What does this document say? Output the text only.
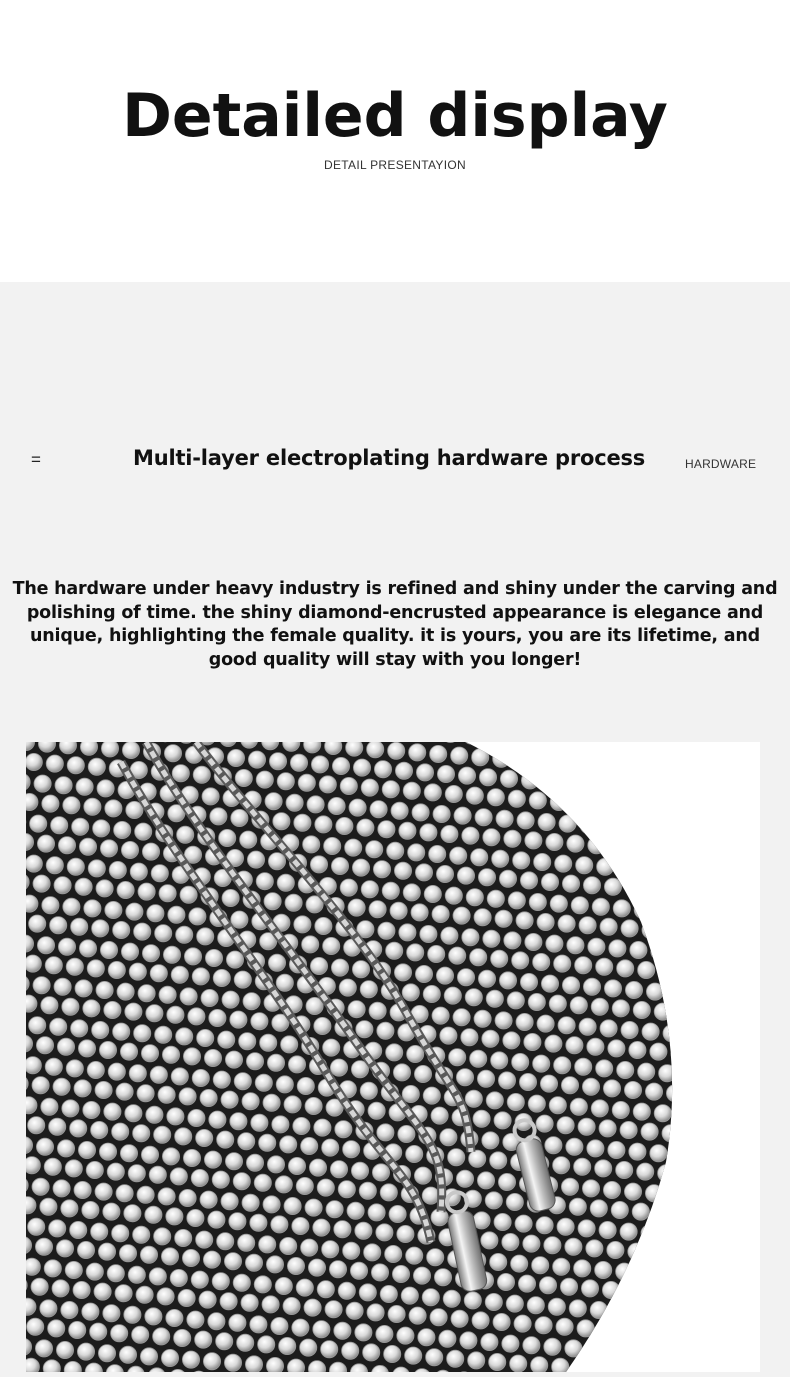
Detailed display
DETAIL PRESENTAYION
=	Multi-layer electroplating hardware process	HARDWARE
The hardware under heavy industry is refined and shiny under the carving and polishing of time. the shiny diamond-encrusted appearance is elegance and unique, highlighting the female quality. it is yours, you are its lifetime, and good quality will stay with you longer!
